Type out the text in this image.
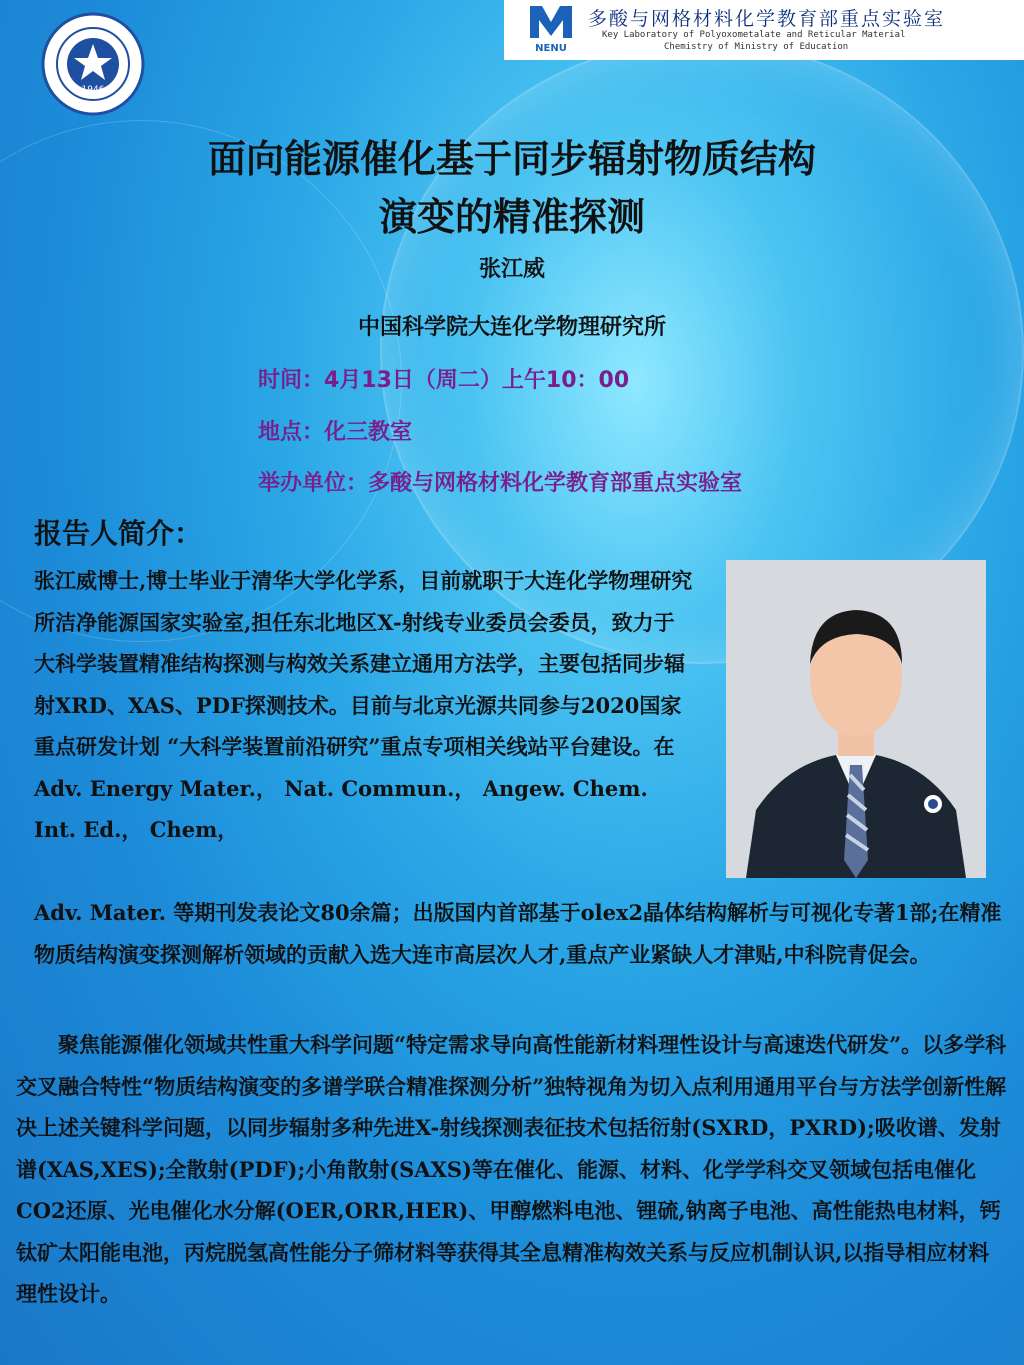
1946
NENU
多酸与网格材料化学教育部重点实验室
Key Laboratory of Polyoxometalate and Reticular Material
Chemistry of Ministry of Education
面向能源催化基于同步辐射物质结构
演变的精准探测
张江威
中国科学院大连化学物理研究所
时间：4月13日（周二）上午10：00
地点：化三教室
举办单位：多酸与网格材料化学教育部重点实验室
报告人简介：
张江威博士,博士毕业于清华大学化学系，目前就职于大连化学物理研究所洁净能源国家实验室,担任东北地区X-射线专业委员会委员，致力于大科学装置精准结构探测与构效关系建立通用方法学，主要包括同步辐射XRD、XAS、PDF探测技术。目前与北京光源共同参与2020国家重点研发计划 “大科学装置前沿研究”重点专项相关线站平台建设。在Adv. Energy Mater.， Nat. Commun.， Angew. Chem. Int. Ed.， Chem，
Adv. Mater. 等期刊发表论文80余篇；出版国内首部基于olex2晶体结构解析与可视化专著1部;在精准物质结构演变探测解析领域的贡献入选大连市高层次人才,重点产业紧缺人才津贴,中科院青促会。
聚焦能源催化领域共性重大科学问题“特定需求导向高性能新材料理性设计与高速迭代研发”。以多学科交叉融合特性“物质结构演变的多谱学联合精准探测分析”独特视角为切入点利用通用平台与方法学创新性解决上述关键科学问题，以同步辐射多种先进X-射线探测表征技术包括衍射(SXRD，PXRD);吸收谱、发射谱(XAS,XES);全散射(PDF);小角散射(SAXS)等在催化、能源、材料、化学学科交叉领域包括电催化CO2还原、光电催化水分解(OER,ORR,HER)、甲醇燃料电池、锂硫,钠离子电池、高性能热电材料，钙钛矿太阳能电池，丙烷脱氢高性能分子筛材料等获得其全息精准构效关系与反应机制认识,以指导相应材料理性设计。
